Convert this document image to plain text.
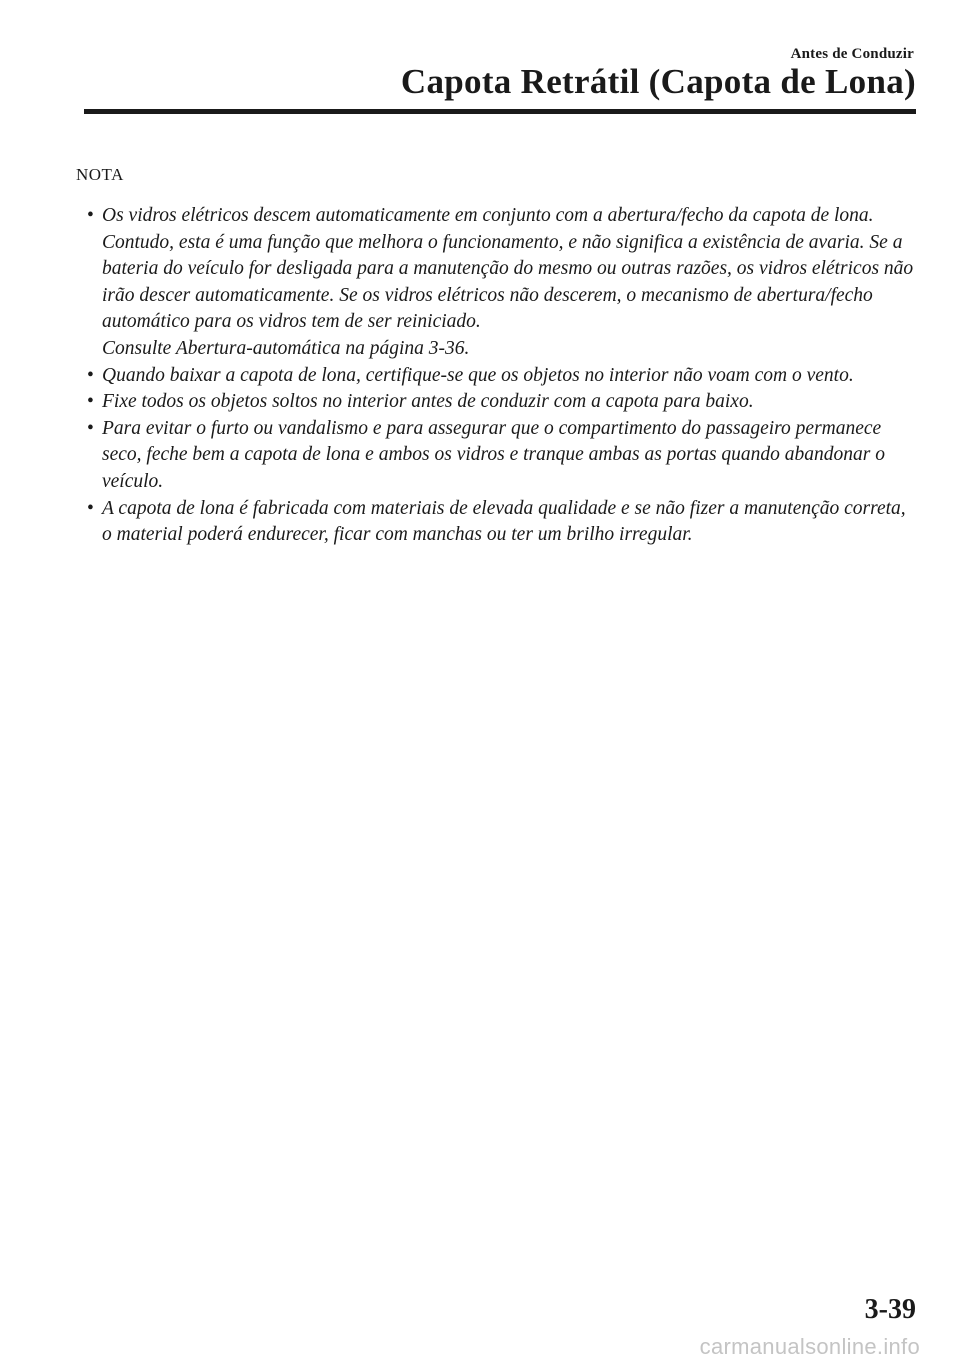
Antes de Conduzir
Capota Retrátil (Capota de Lona)
NOTA
• Os vidros elétricos descem automaticamente em conjunto com a abertura/fecho da capota de lona. Contudo, esta é uma função que melhora o funcionamento, e não significa a existência de avaria. Se a bateria do veículo for desligada para a manutenção do mesmo ou outras razões, os vidros elétricos não irão descer automaticamente. Se os vidros elétricos não descerem, o mecanismo de abertura/fecho automático para os vidros tem de ser reiniciado.
Consulte Abertura-automática na página 3-36.
• Quando baixar a capota de lona, certifique-se que os objetos no interior não voam com o vento.
• Fixe todos os objetos soltos no interior antes de conduzir com a capota para baixo.
• Para evitar o furto ou vandalismo e para assegurar que o compartimento do passageiro permanece seco, feche bem a capota de lona e ambos os vidros e tranque ambas as portas quando abandonar o veículo.
• A capota de lona é fabricada com materiais de elevada qualidade e se não fizer a manutenção correta, o material poderá endurecer, ficar com manchas ou ter um brilho irregular.
3-39
carmanualsonline.info
